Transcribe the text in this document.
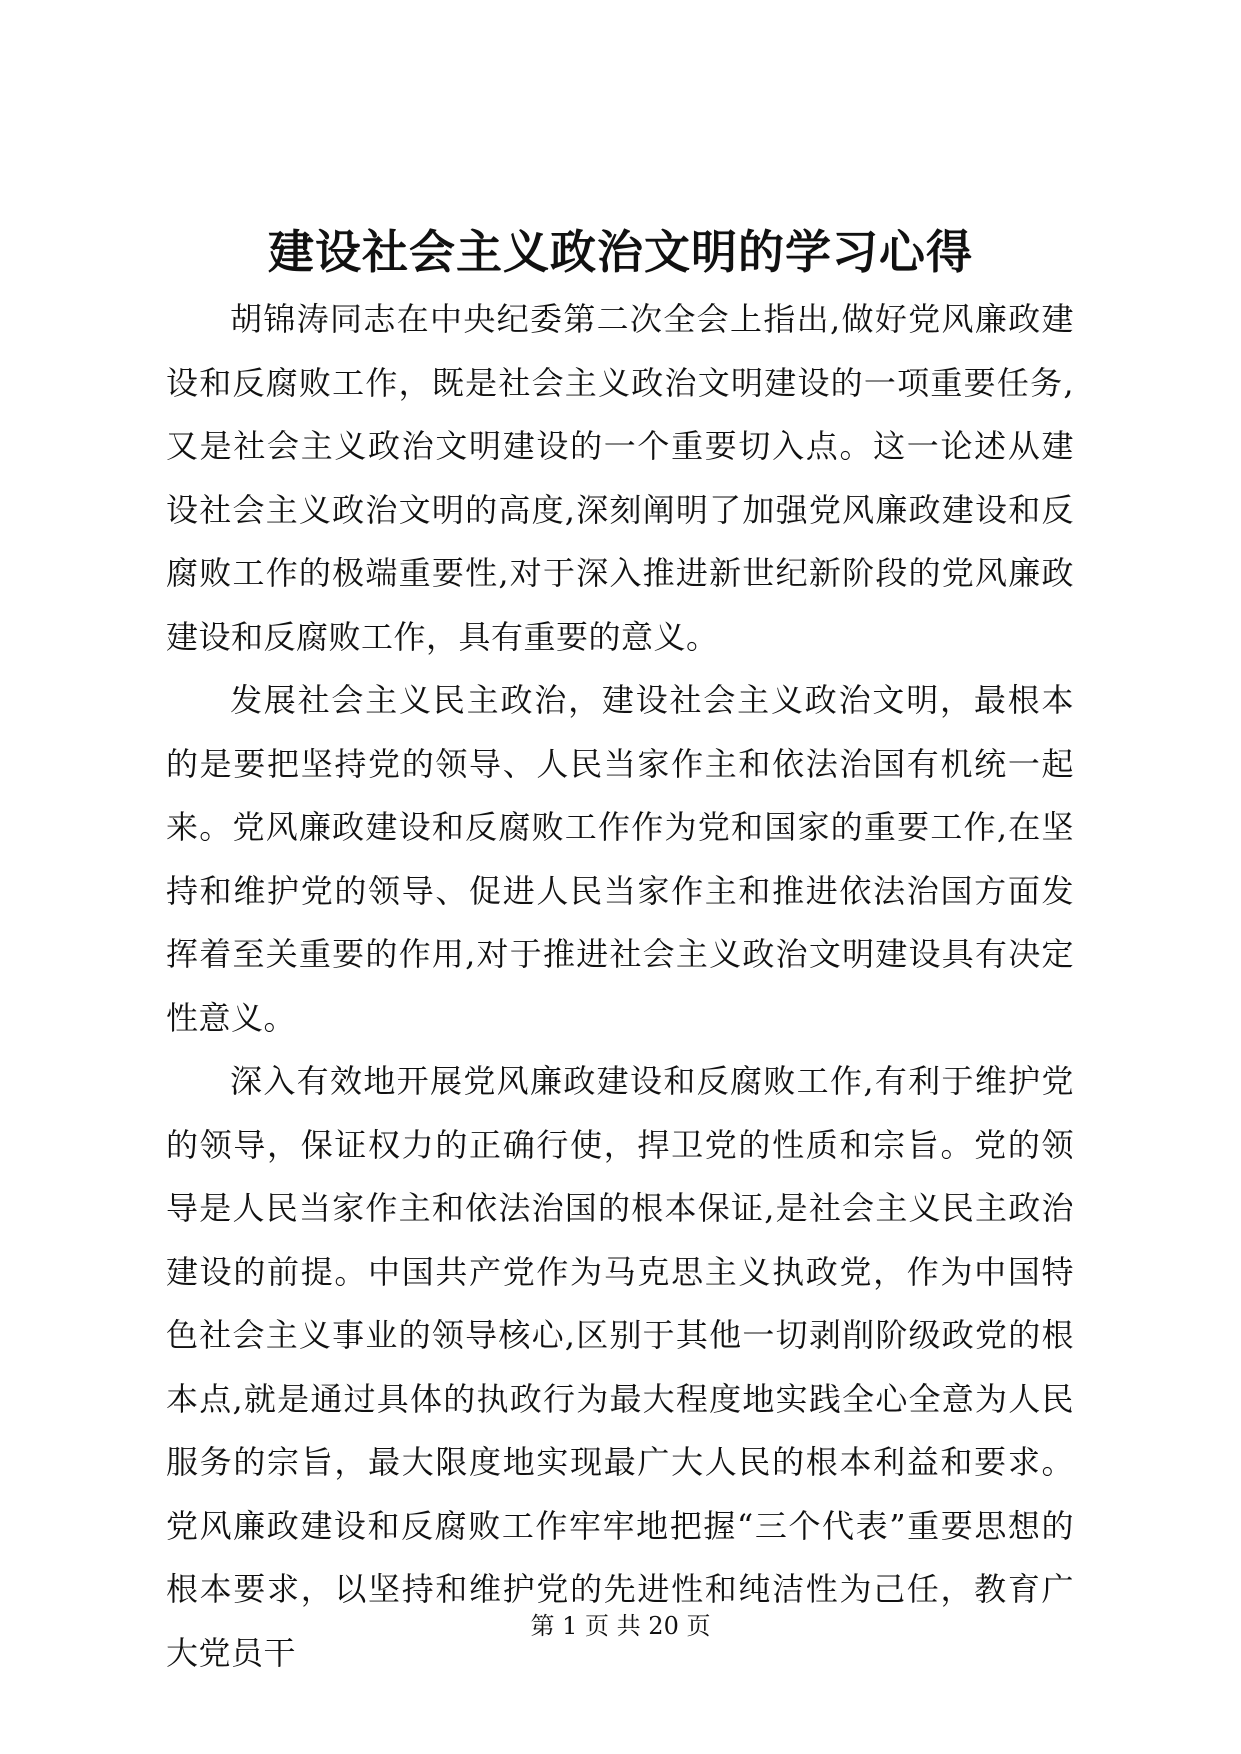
建设社会主义政治文明的学习心得

胡锦涛同志在中央纪委第二次全会上指出,做好党风廉政建设和反腐败工作，既是社会主义政治文明建设的一项重要任务,又是社会主义政治文明建设的一个重要切入点。这一论述从建设社会主义政治文明的高度,深刻阐明了加强党风廉政建设和反腐败工作的极端重要性,对于深入推进新世纪新阶段的党风廉政建设和反腐败工作，具有重要的意义。

发展社会主义民主政治，建设社会主义政治文明，最根本的是要把坚持党的领导、人民当家作主和依法治国有机统一起来。党风廉政建设和反腐败工作作为党和国家的重要工作,在坚持和维护党的领导、促进人民当家作主和推进依法治国方面发挥着至关重要的作用,对于推进社会主义政治文明建设具有决定性意义。

深入有效地开展党风廉政建设和反腐败工作,有利于维护党的领导，保证权力的正确行使，捍卫党的性质和宗旨。党的领导是人民当家作主和依法治国的根本保证,是社会主义民主政治建设的前提。中国共产党作为马克思主义执政党，作为中国特色社会主义事业的领导核心,区别于其他一切剥削阶级政党的根本点,就是通过具体的执政行为最大程度地实践全心全意为人民服务的宗旨，最大限度地实现最广大人民的根本利益和要求。党风廉政建设和反腐败工作牢牢地把握“三个代表”重要思想的根本要求，以坚持和维护党的先进性和纯洁性为己任，教育广大党员干

第 1 页 共 20 页
